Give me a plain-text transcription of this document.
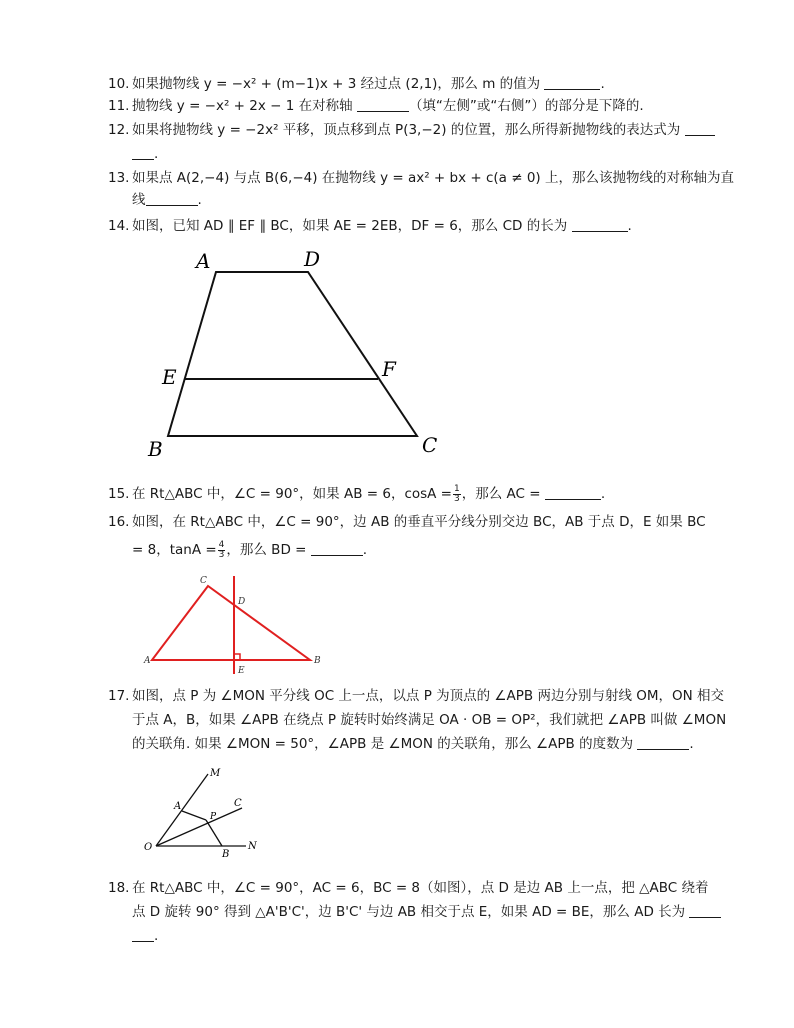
10. 如果抛物线 y = −x² + (m−1)x + 3 经过点 (2,1)，那么 m 的值为	.
11. 抛物线 y = −x² + 2x − 1 在对称轴	（填“左侧”或“右侧”）的部分是下降的.
12. 如果将抛物线 y = −2x² 平移，顶点移到点 P(3,−2) 的位置，那么所得新抛物线的表达式为
.
13. 如果点 A(2,−4) 与点 B(6,−4) 在抛物线 y = ax² + bx + c(a ≠ 0) 上，那么该抛物线的对称轴为直
线	.
14. 如图，已知 AD ∥ EF ∥ BC，如果 AE = 2EB，DF = 6，那么 CD 的长为	.
A	D
E	F
B	C
15. 在 Rt△ABC 中，∠C = 90°，如果 AB = 6，$\cos A = \frac{1}{3}$ ，那么 AC =	.
16. 如图，在 Rt△ABC 中，∠C = 90°，边 AB 的垂直平分线分别交边 BC，AB 于点 D，E 如果 BC
= 8，$\tan A = \frac{4}{3}$ ，那么 BD =	.
C
D
A
E
B
17. 如图，点 P 为 ∠MON 平分线 OC 上一点，以点 P 为顶点的 ∠APB 两边分别与射线 OM，ON 相交
于点 A，B，如果 ∠APB 在绕点 P 旋转时始终满足 OA · OB = OP²，我们就把 ∠APB 叫做 ∠MON
的关联角. 如果 ∠MON = 50°，∠APB 是 ∠MON 的关联角，那么 ∠APB 的度数为	.
M
A	C
P
O
B
N
18. 在 Rt△ABC 中，∠C = 90°，AC = 6，BC = 8（如图），点 D 是边 AB 上一点，把 △ABC 绕着
点 D 旋转 90° 得到 △A'B'C'，边 B'C' 与边 AB 相交于点 E，如果 AD = BE，那么 AD 长为
.
